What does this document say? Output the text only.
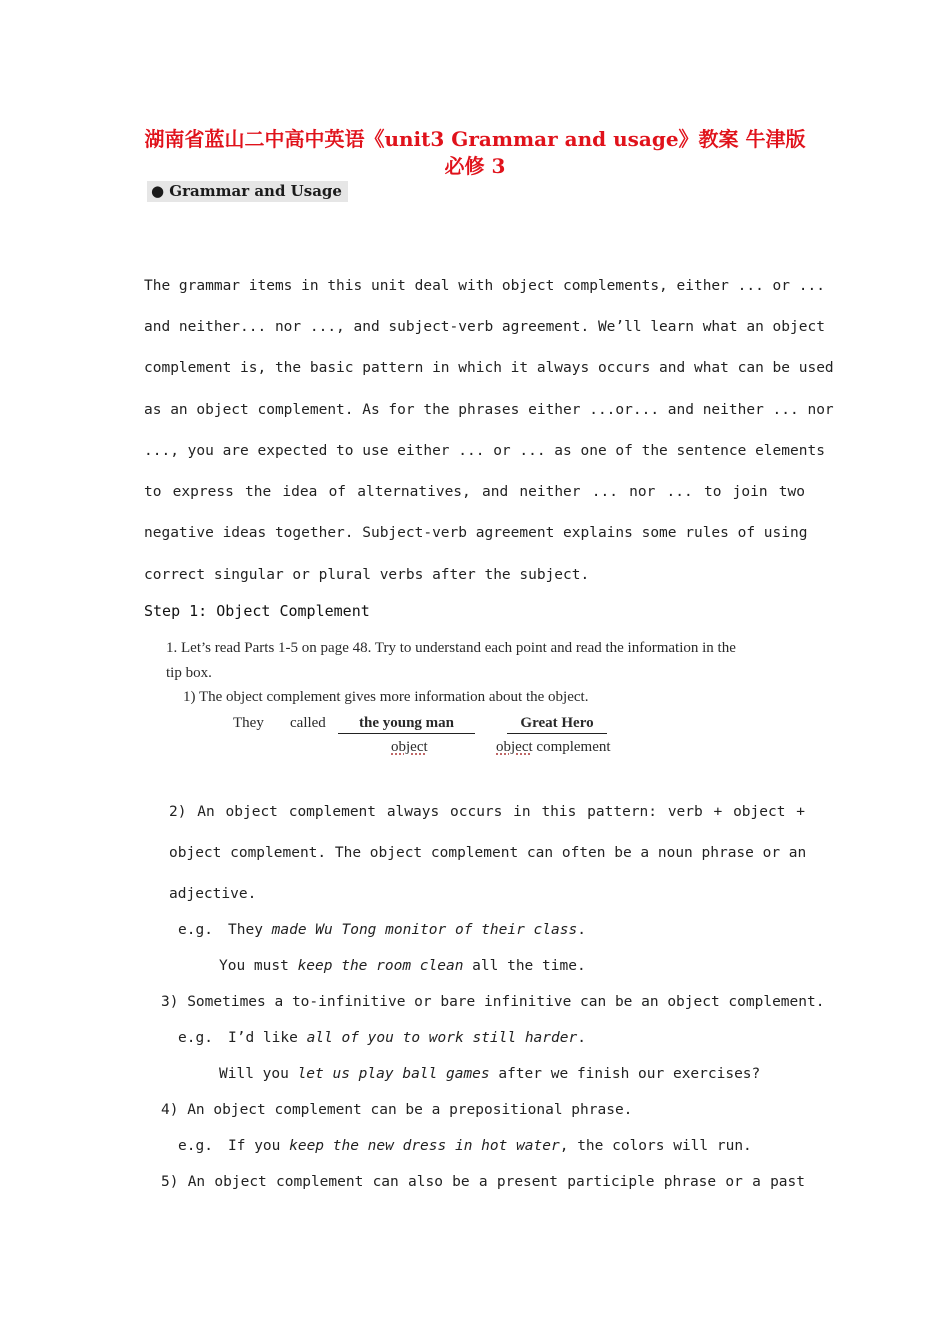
湖南省蓝山二中高中英语《unit3 Grammar and usage》教案 牛津版
必修 3
● Grammar and Usage
The grammar items in this unit deal with object complements, either ... or ...
and neither... nor ..., and subject-verb agreement. We’ll learn what an object
complement is, the basic pattern in which it always occurs and what can be used
as an object complement. As for the phrases either ...or... and neither ... nor
..., you are expected to use either ... or ... as one of the sentence elements
to express the idea of alternatives, and neither ... nor ... to join two
negative ideas together. Subject-verb agreement explains some rules of using
correct singular or plural verbs after the subject.
Step 1: Object Complement
1. Let’s read Parts 1-5 on page 48. Try to understand each point and read the information in the
tip box.
1) The object complement gives more information about the object.
They called	the young man	Great Hero
object	object complement
2) An object complement always occurs in this pattern: verb + object +
object complement. The object complement can often be a noun phrase or an
adjective.
e.g. They made Wu Tong monitor of their class.
You must keep the room clean all the time.
3) Sometimes a to-infinitive or bare infinitive can be an object complement.
e.g. I’d like all of you to work still harder.
Will you let us play ball games after we finish our exercises?
4) An object complement can be a prepositional phrase.
e.g. If you keep the new dress in hot water, the colors will run.
5) An object complement can also be a present participle phrase or a past
